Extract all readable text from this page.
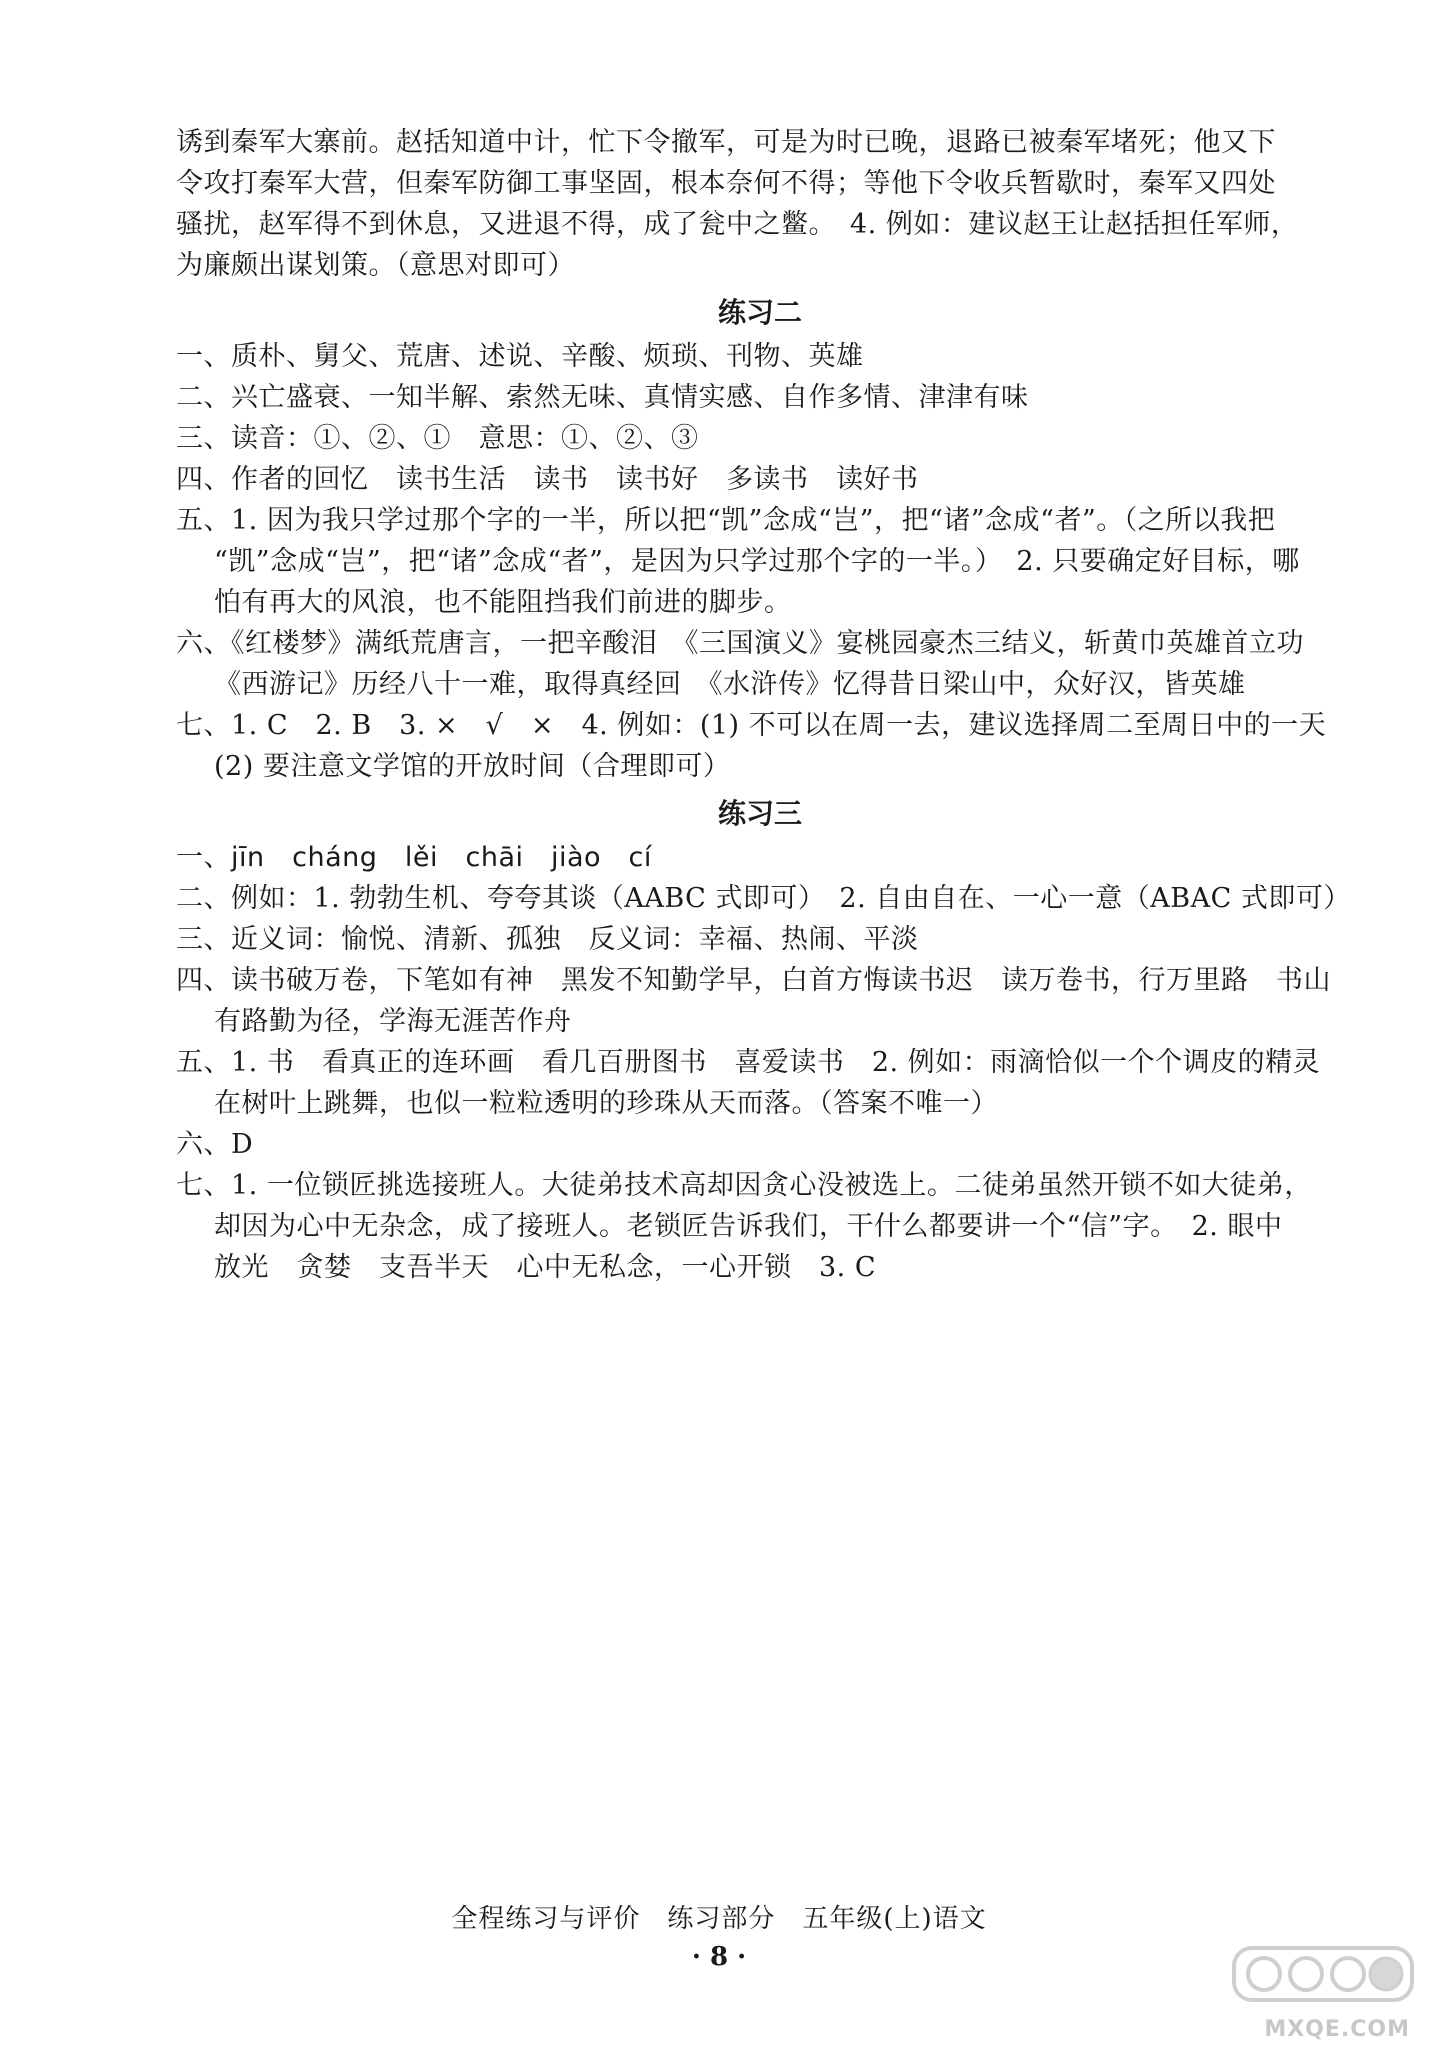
诱到秦军大寨前。赵括知道中计，忙下令撤军，可是为时已晚，退路已被秦军堵死；他又下
令攻打秦军大营，但秦军防御工事坚固，根本奈何不得；等他下令收兵暂歇时，秦军又四处
骚扰，赵军得不到休息，又进退不得，成了瓮中之鳖。　4. 例如：建议赵王让赵括担任军师，
为廉颇出谋划策。（意思对即可）
练习二
一、质朴、舅父、荒唐、述说、辛酸、烦琐、刊物、英雄
二、兴亡盛衰、一知半解、索然无味、真情实感、自作多情、津津有味
三、读音：①、②、①　意思：①、②、③
四、作者的回忆　读书生活　读书　读书好　多读书　读好书
五、1. 因为我只学过那个字的一半，所以把“凯”念成“岂”，把“诸”念成“者”。（之所以我把
“凯”念成“岂”，把“诸”念成“者”，是因为只学过那个字的一半。）　2. 只要确定好目标，哪
怕有再大的风浪，也不能阻挡我们前进的脚步。
六、《红楼梦》满纸荒唐言，一把辛酸泪　《三国演义》宴桃园豪杰三结义，斩黄巾英雄首立功
《西游记》历经八十一难，取得真经回　《水浒传》忆得昔日梁山中，众好汉，皆英雄
七、1. C　2. B　3. ×　√　×　4. 例如：(1) 不可以在周一去，建议选择周二至周日中的一天
(2) 要注意文学馆的开放时间（合理即可）
练习三
一、jīn　cháng　lěi　chāi　jiào　cí
二、例如：1. 勃勃生机、夸夸其谈（AABC 式即可）　2. 自由自在、一心一意（ABAC 式即可）
三、近义词：愉悦、清新、孤独　反义词：幸福、热闹、平淡
四、读书破万卷，下笔如有神　黑发不知勤学早，白首方悔读书迟　读万卷书，行万里路　书山
有路勤为径，学海无涯苦作舟
五、1. 书　看真正的连环画　看几百册图书　喜爱读书　2. 例如：雨滴恰似一个个调皮的精灵
在树叶上跳舞，也似一粒粒透明的珍珠从天而落。（答案不唯一）
六、D
七、1. 一位锁匠挑选接班人。大徒弟技术高却因贪心没被选上。二徒弟虽然开锁不如大徒弟，
却因为心中无杂念，成了接班人。老锁匠告诉我们，干什么都要讲一个“信”字。　2. 眼中
放光　贪婪　支吾半天　心中无私念，一心开锁　3. C
全程练习与评价　练习部分　五年级(上)语文
· 8 ·
MXQE.COM
